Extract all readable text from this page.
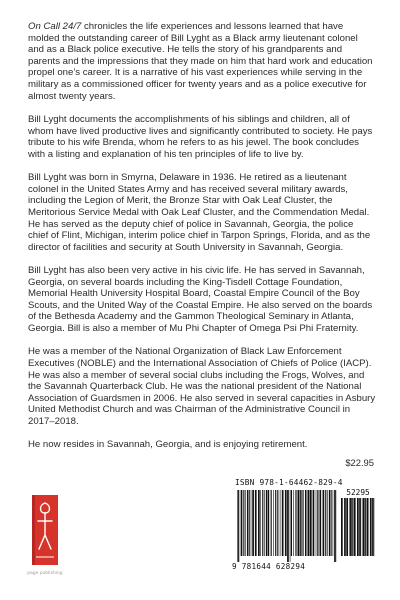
On Call 24/7 chronicles the life experiences and lessons learned that have molded the outstanding career of Bill Lyght as a Black army lieutenant colonel and as a Black police executive. He tells the story of his grandparents and parents and the impressions that they made on him that hard work and education propel one’s career. It is a narrative of his vast experiences while serving in the military as a commissioned officer for twenty years and as a police executive for almost twenty years.

Bill Lyght documents the accomplishments of his siblings and children, all of whom have lived productive lives and significantly contributed to society. He pays tribute to his wife Brenda, whom he refers to as his jewel. The book concludes with a listing and explanation of his ten principles of life to live by.

Bill Lyght was born in Smyrna, Delaware in 1936. He retired as a lieutenant colonel in the United States Army and has received several military awards, including the Legion of Merit, the Bronze Star with Oak Leaf Cluster, the Meritorious Service Medal with Oak Leaf Cluster, and the Commendation Medal. He has served as the deputy chief of police in Savannah, Georgia, the police chief of Flint, Michigan, interim police chief in Tarpon Springs, Florida, and as the director of facilities and security at South University in Savannah, Georgia.

Bill Lyght has also been very active in his civic life. He has served in Savannah, Georgia, on several boards including the King-Tisdell Cottage Foundation, Memorial Health University Hospital Board, Coastal Empire Council of the Boy Scouts, and the United Way of the Coastal Empire. He also served on the boards of the Bethesda Academy and the Gammon Theological Seminary in Atlanta, Georgia. Bill is also a member of Mu Phi Chapter of Omega Psi Phi Fraternity.

He was a member of the National Organization of Black Law Enforcement Executives (NOBLE) and the International Association of Chiefs of Police (IACP). He was also a member of several social clubs including the Frogs, Wolves, and the Savannah Quarterback Club. He was the national president of the National Association of Guardsmen in 2006. He also served in several capacities in Asbury United Methodist Church and was Chairman of the Administrative Council in 2017–2018.

He now resides in Savannah, Georgia, and is enjoying retirement.

$22.95
page publishing
ISBN 978-1-64462-829-4
52295
9 781644 628294
